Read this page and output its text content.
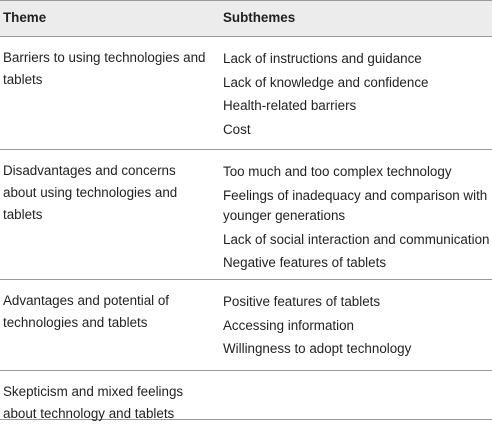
Theme	Subthemes
Barriers to using technologies and tablets
Lack of instructions and guidance
Lack of knowledge and confidence
Health-related barriers
Cost
Disadvantages and concerns about using technologies and tablets
Too much and too complex technology
Feelings of inadequacy and comparison with younger generations
Lack of social interaction and communication
Negative features of tablets
Advantages and potential of technologies and tablets
Positive features of tablets
Accessing information
Willingness to adopt technology
Skepticism and mixed feelings about technology and tablets
